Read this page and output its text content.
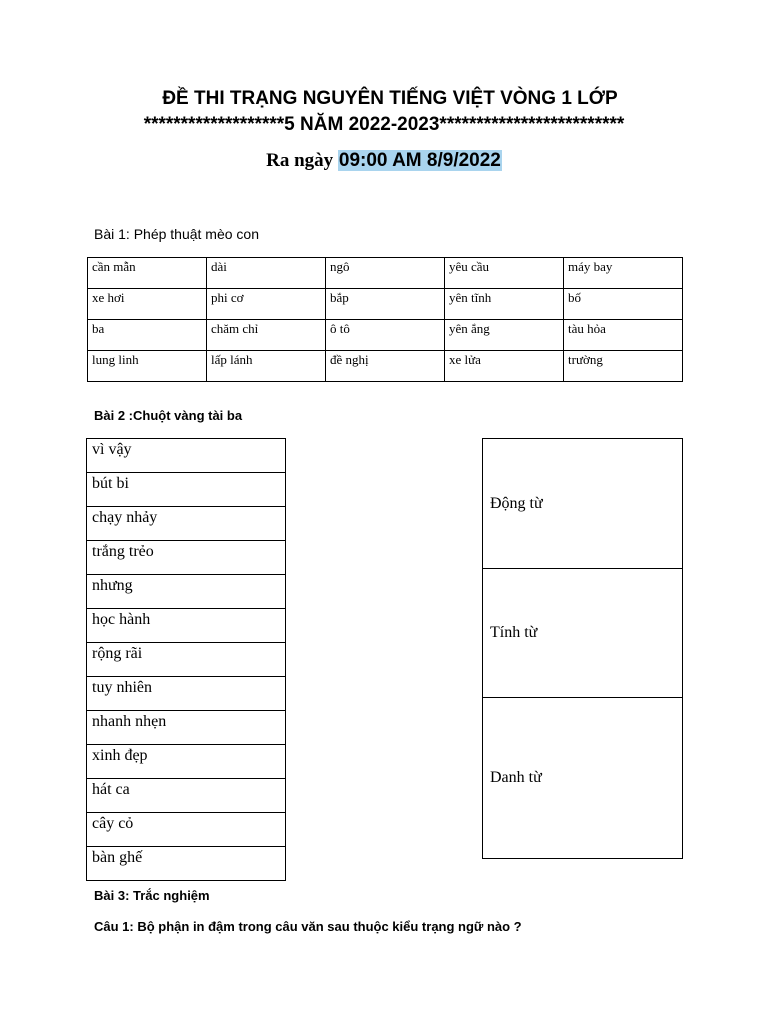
ĐỀ THI TRẠNG NGUYÊN TIẾNG VIỆT VÒNG 1 LỚP
*******************5 NĂM 2022-2023*************************
Ra ngày 09:00 AM 8/9/2022
Bài 1: Phép thuật mèo con
cần mẫn	dài	ngô	yêu cầu	máy bay
xe hơi	phi cơ	bắp	yên tĩnh	bố
ba	chăm chỉ	ô tô	yên ắng	tàu hỏa
lung linh	lấp lánh	đề nghị	xe lửa	trường
Bài 2 :Chuột vàng tài ba
vì vậy
bút bi
chạy nhảy
trắng trẻo
nhưng
học hành
rộng rãi
tuy nhiên
nhanh nhẹn
xinh đẹp
hát ca
cây cỏ
bàn ghế
Động từ
Tính từ
Danh từ
Bài 3: Trắc nghiệm
Câu 1: Bộ phận in đậm trong câu văn sau thuộc kiểu trạng ngữ nào ?
